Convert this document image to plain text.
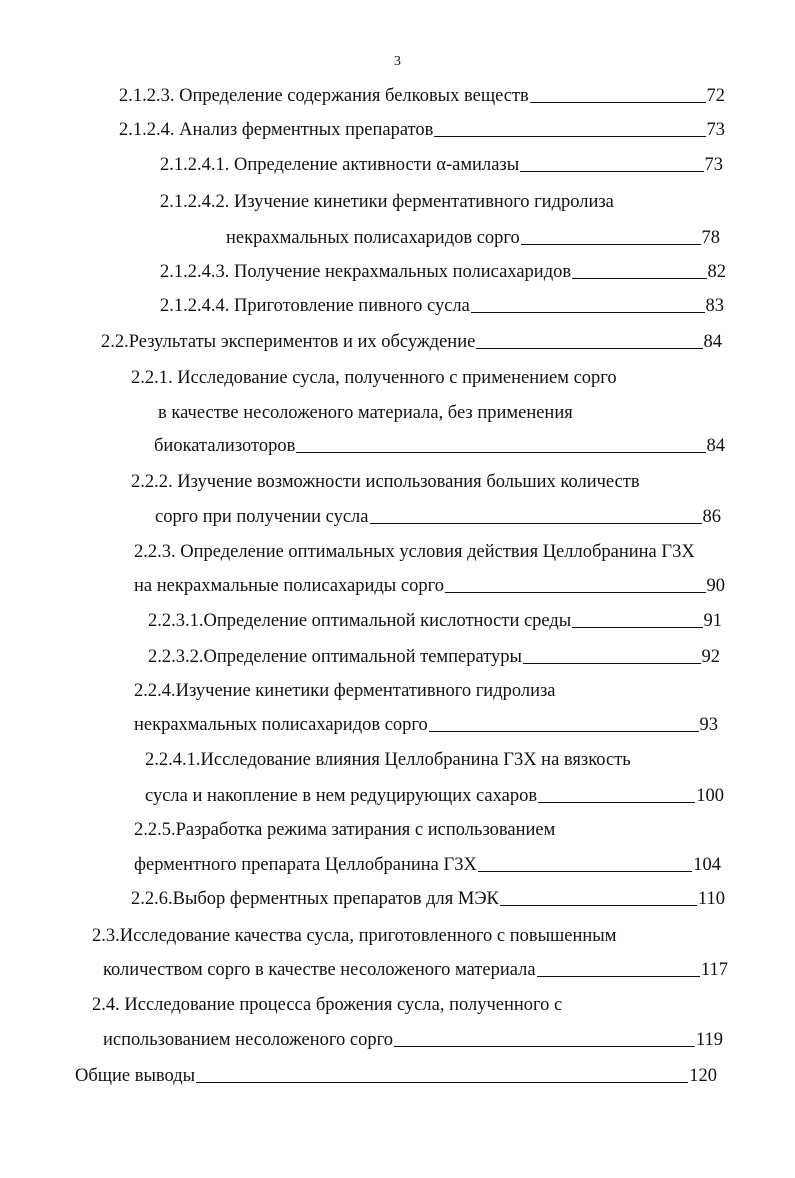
3
2.1.2.3. Определение содержания белковых веществ	72
2.1.2.4. Анализ ферментных препаратов	73
2.1.2.4.1. Определение активности α-амилазы	73
2.1.2.4.2. Изучение кинетики ферментативного гидролиза
некрахмальных полисахаридов сорго	78
2.1.2.4.3. Получение некрахмальных полисахаридов	82
2.1.2.4.4. Приготовление пивного сусла	83
2.2.Результаты экспериментов и их обсуждение	84
2.2.1. Исследование сусла, полученного с применением сорго
в качестве несоложеного материала, без применения
биокатализоторов	84
2.2.2. Изучение возможности использования больших количеств
сорго при получении сусла	86
2.2.3. Определение оптимальных условия действия Целлобранина Г3Х
на некрахмальные полисахариды сорго	90
2.2.3.1.Определение оптимальной кислотности среды	91
2.2.3.2.Определение оптимальной температуры	92
2.2.4.Изучение кинетики ферментативного гидролиза
некрахмальных полисахаридов сорго	93
2.2.4.1.Исследование влияния Целлобранина Г3Х на вязкость
сусла и накопление в нем редуцирующих сахаров	100
2.2.5.Разработка режима затирания с использованием
ферментного препарата Целлобранина Г3Х	104
2.2.6.Выбор ферментных препаратов для МЭК	110
2.3.Исследование качества сусла, приготовленного с повышенным
количеством сорго в качестве несоложеного материала	117
2.4. Исследование процесса брожения сусла, полученного с
использованием несоложеного сорго	119
Общие выводы	120
